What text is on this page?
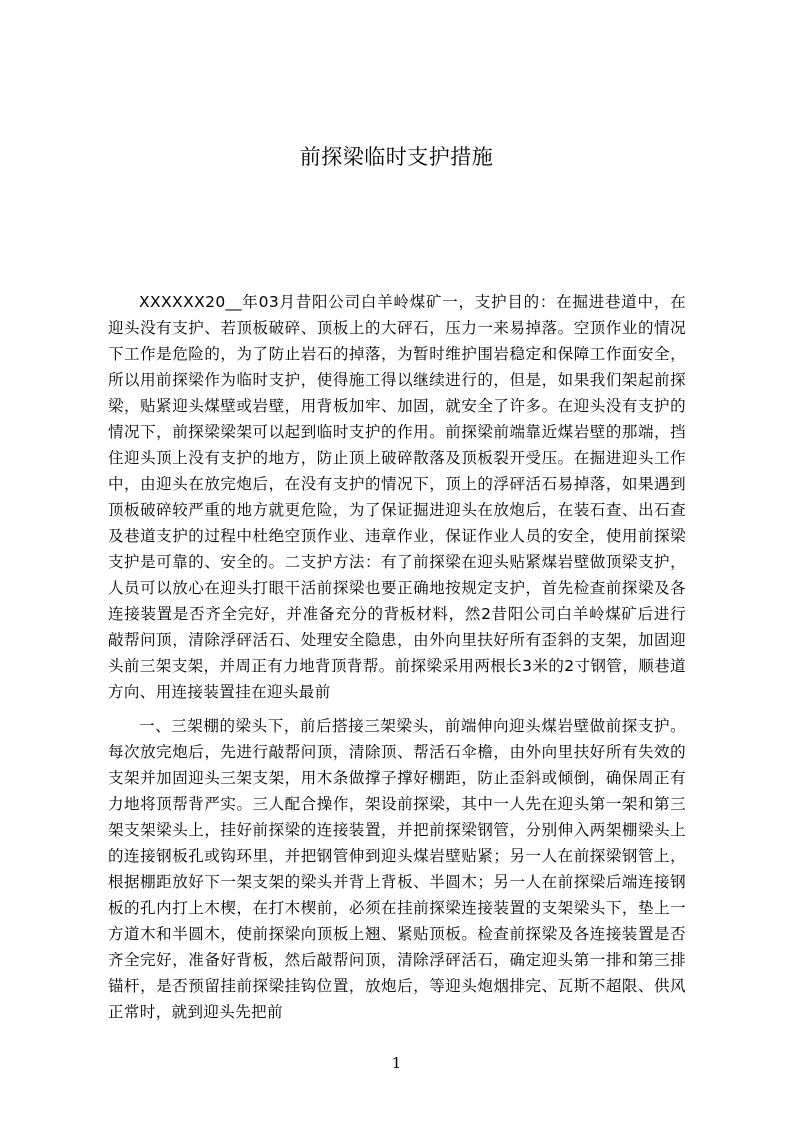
前探梁临时支护措施

XXXXXX20__年03月昔阳公司白羊岭煤矿一，支护目的：在掘进巷道中，在迎头没有支护、若顶板破碎、顶板上的大砰石，压力一来易掉落。空顶作业的情况下工作是危险的，为了防止岩石的掉落，为暂时维护围岩稳定和保障工作面安全，所以用前探梁作为临时支护，使得施工得以继续进行的，但是，如果我们架起前探梁，贴紧迎头煤壁或岩壁，用背板加牢、加固，就安全了许多。在迎头没有支护的情况下，前探梁梁架可以起到临时支护的作用。前探梁前端靠近煤岩壁的那端，挡住迎头顶上没有支护的地方，防止顶上破碎散落及顶板裂开受压。在掘进迎头工作中，由迎头在放完炮后，在没有支护的情况下，顶上的浮砰活石易掉落，如果遇到顶板破碎较严重的地方就更危险，为了保证掘进迎头在放炮后，在装石查、出石查及巷道支护的过程中杜绝空顶作业、违章作业，保证作业人员的安全，使用前探梁支护是可靠的、安全的。二支护方法：有了前探梁在迎头贴紧煤岩壁做顶梁支护，人员可以放心在迎头打眼干活前探梁也要正确地按规定支护，首先检查前探梁及各连接装置是否齐全完好，并准备充分的背板材料，然2昔阳公司白羊岭煤矿后进行敲帮问顶，清除浮砰活石、处理安全隐患，由外向里扶好所有歪斜的支架，加固迎头前三架支架，并周正有力地背顶背帮。前探梁采用两根长3米的2寸钢管，顺巷道方向、用连接装置挂在迎头最前

一、三架棚的梁头下，前后搭接三架梁头，前端伸向迎头煤岩壁做前探支护。每次放完炮后，先进行敲帮问顶，清除顶、帮活石伞檐，由外向里扶好所有失效的支架并加固迎头三架支架，用木条做撑子撑好棚距，防止歪斜或倾倒，确保周正有力地将顶帮背严实。三人配合操作，架设前探梁，其中一人先在迎头第一架和第三架支架梁头上，挂好前探梁的连接装置，并把前探梁钢管，分别伸入两架棚梁头上的连接钢板孔或钩环里，并把钢管伸到迎头煤岩壁贴紧；另一人在前探梁钢管上，根据棚距放好下一架支架的梁头并背上背板、半圆木；另一人在前探梁后端连接钢板的孔内打上木楔，在打木楔前，必须在挂前探梁连接装置的支架梁头下，垫上一方道木和半圆木，使前探梁向顶板上翘、紧贴顶板。检查前探梁及各连接装置是否齐全完好，准备好背板，然后敲帮问顶，清除浮砰活石，确定迎头第一排和第三排锚杆，是否预留挂前探梁挂钩位置，放炮后，等迎头炮烟排完、瓦斯不超限、供风正常时，就到迎头先把前

1
